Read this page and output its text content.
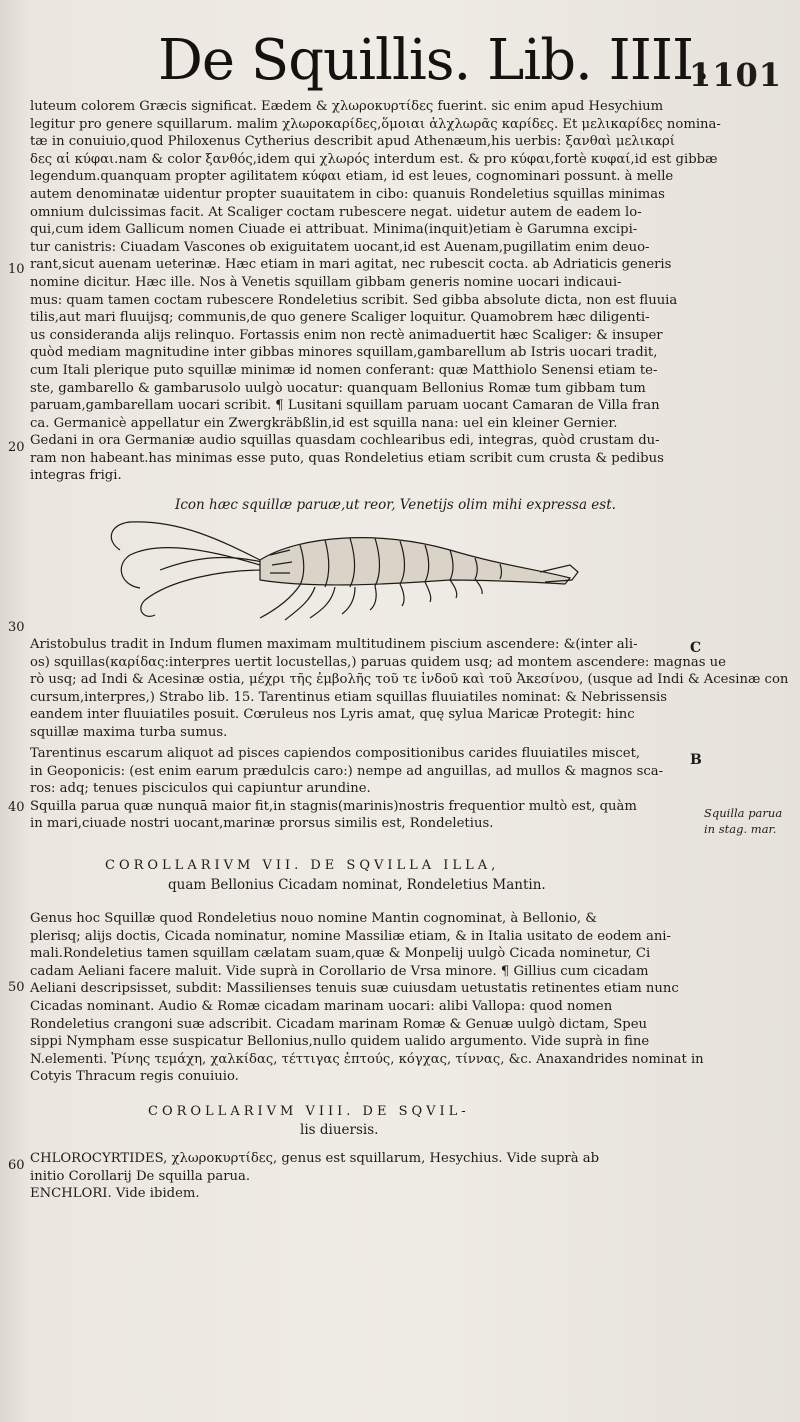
De Squillis. Lib. IIII.
1101
luteum colorem Græcis significat. Eædem & χλωροκυρτίδες fuerint. sic enim apud Hesychium
legitur pro genere squillarum. malim χλωροκαρίδες,ὅμοιαι ἀλχλωρᾶς καρίδες. Et μελικαρίδες nomina-
tæ in conuiuio,quod Philoxenus Cytherius describit apud Athenæum,his uerbis: ξανθαὶ μελικαρί
δες αἱ κύφαι.nam & color ξανθός,idem qui χλωρός interdum est. & pro κύφαι,fortè κυφαί,id est gibbæ
legendum.quanquam propter agilitatem κύφαι etiam, id est leues, cognominari possunt. à melle
autem denominatæ uidentur propter suauitatem in cibo: quanuis Rondeletius squillas minimas
omnium dulcissimas facit. At Scaliger coctam rubescere negat. uidetur autem de eadem lo-
qui,cum idem Gallicum nomen Ciuade ei attribuat. Minima(inquit)etiam è Garumna excipi-
tur canistris: Ciuadam Vascones ob exiguitatem uocant,id est Auenam,pugillatim enim deuo-
rant,sicut auenam ueterinæ. Hæc etiam in mari agitat, nec rubescit cocta. ab Adriaticis generis
nomine dicitur. Hæc ille. Nos à Venetis squillam gibbam generis nomine uocari indicaui-
mus: quam tamen coctam rubescere Rondeletius scribit. Sed gibba absolute dicta, non est fluuia
tilis,aut mari fluuijsq; communis,de quo genere Scaliger loquitur. Quamobrem hæc diligenti-
us consideranda alijs relinquo. Fortassis enim non rectè animaduertit hæc Scaliger: & insuper
quòd mediam magnitudine inter gibbas minores squillam,gambarellum ab Istris uocari tradit,
cum Itali plerique puto squillæ minimæ id nomen conferant: quæ Matthiolo Senensi etiam te-
ste, gambarello & gambarusolo uulgò uocatur: quanquam Bellonius Romæ tum gibbam tum
paruam,gambarellam uocari scribit. ¶ Lusitani squillam paruam uocant Camaran de Villa fran
ca. Germanicè appellatur ein Zwergkräbßlin,id est squilla nana: uel ein kleiner Gernier.
Gedani in ora Germaniæ audio squillas quasdam cochlearibus edi, integras, quòd crustam du-
ram non habeant.has minimas esse puto, quas Rondeletius etiam scribit cum crusta & pedibus
integras frigi.
Icon hæc squillæ paruæ,ut reor, Venetijs olim mihi expressa est.
Aristobulus tradit in Indum flumen maximam multitudinem piscium ascendere: &(inter ali-
os) squillas(καρίδας:interpres uertit locustellas,) paruas quidem usq; ad montem ascendere: magnas ue
rò usq; ad Indi & Acesinæ ostia, μέχρι τῆς ἐμβολῆς τοῦ τε ἰνδοῦ καὶ τοῦ Ἀκεσίνου, (usque ad Indi & Acesinæ con
cursum,interpres,) Strabo lib. 15. Tarentinus etiam squillas fluuiatiles nominat: & Nebrissensis
eandem inter fluuiatiles posuit. Cœruleus nos Lyris amat, quę sylua Maricæ Protegit: hinc
squillæ maxima turba sumus.
Tarentinus escarum aliquot ad pisces capiendos compositionibus carides fluuiatiles miscet,
in Geoponicis: (est enim earum prædulcis caro:) nempe ad anguillas, ad mullos & magnos sca-
ros: adq; tenues pisciculos qui capiuntur arundine.
Squilla parua quæ nunquā maior fit,in stagnis(marinis)nostris frequentior multò est, quàm
in mari,ciuade nostri uocant,marinæ prorsus similis est, Rondeletius.
COROLLARIVM VII. DE SQVILLA ILLA,
quam Bellonius Cicadam nominat, Rondeletius Mantin.
Genus hoc Squillæ quod Rondeletius nouo nomine Mantin cognominat, à Bellonio, &
plerisq; alijs doctis, Cicada nominatur, nomine Massiliæ etiam, & in Italia usitato de eodem ani-
mali.Rondeletius tamen squillam cælatam suam,quæ & Monpelij uulgò Cicada nominetur, Ci
cadam Aeliani facere maluit. Vide suprà in Corollario de Vrsa minore. ¶ Gillius cum cicadam
Aeliani descripsisset, subdit: Massilienses tenuis suæ cuiusdam uetustatis retinentes etiam nunc
Cicadas nominant. Audio & Romæ cicadam marinam uocari: alibi Vallopa: quod nomen
Rondeletius crangoni suæ adscribit. Cicadam marinam Romæ & Genuæ uulgò dictam, Speu
sippi Nympham esse suspicatur Bellonius,nullo quidem ualido argumento. Vide suprà in fine
N.elementi. Ῥίνης τεμάχη, χαλκίδας, τέττιγας ἐπτούς, κόγχας, τίννας, &c. Anaxandrides nominat in
Cotyis Thracum regis conuiuio.
COROLLARIVM VIII. DE SQVIL-
lis diuersis.
CHLOROCYRTIDES, χλωροκυρτίδες, genus est squillarum, Hesychius. Vide suprà ab
initio Corollarij De squilla parua.
ENCHLORI. Vide ibidem.
10
20
30
40
50
60
C
B
Squilla parua
in stag. mar.
